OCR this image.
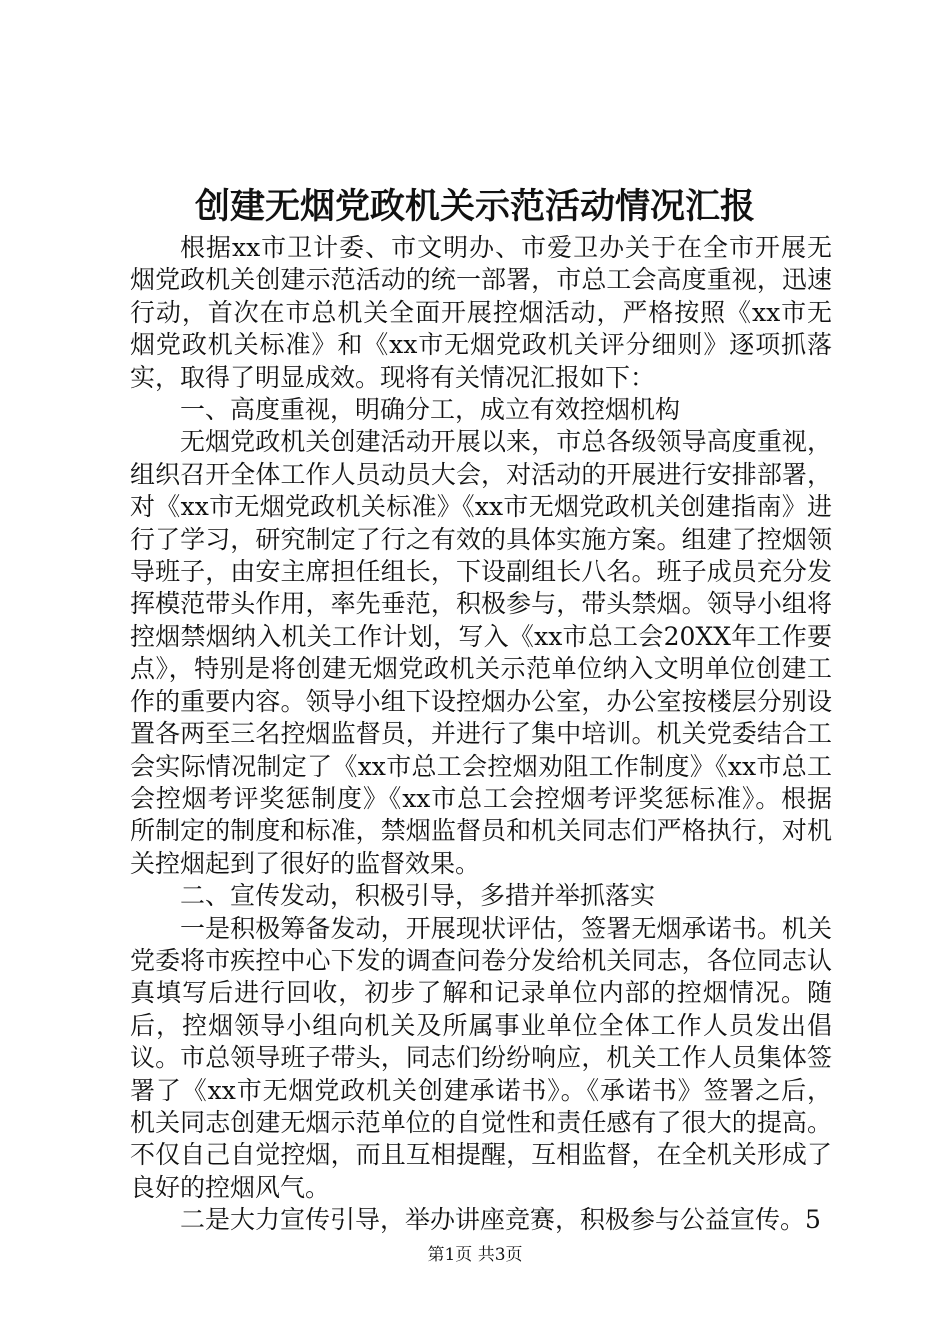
创建无烟党政机关示范活动情况汇报

根据xx市卫计委、市文明办、市爱卫办关于在全市开展无烟党政机关创建示范活动的统一部署，市总工会高度重视，迅速行动，首次在市总机关全面开展控烟活动，严格按照《xx市无烟党政机关标准》和《xx市无烟党政机关评分细则》逐项抓落实，取得了明显成效。现将有关情况汇报如下：

一、高度重视，明确分工，成立有效控烟机构

无烟党政机关创建活动开展以来，市总各级领导高度重视，组织召开全体工作人员动员大会，对活动的开展进行安排部署，对《xx市无烟党政机关标准》《xx市无烟党政机关创建指南》进行了学习，研究制定了行之有效的具体实施方案。组建了控烟领导班子，由安主席担任组长，下设副组长八名。班子成员充分发挥模范带头作用，率先垂范，积极参与，带头禁烟。领导小组将控烟禁烟纳入机关工作计划，写入《xx市总工会20XX年工作要点》，特别是将创建无烟党政机关示范单位纳入文明单位创建工作的重要内容。领导小组下设控烟办公室，办公室按楼层分别设置各两至三名控烟监督员，并进行了集中培训。机关党委结合工会实际情况制定了《xx市总工会控烟劝阻工作制度》《xx市总工会控烟考评奖惩制度》《xx市总工会控烟考评奖惩标准》。根据所制定的制度和标准，禁烟监督员和机关同志们严格执行，对机关控烟起到了很好的监督效果。

二、宣传发动，积极引导，多措并举抓落实

一是积极筹备发动，开展现状评估，签署无烟承诺书。机关党委将市疾控中心下发的调查问卷分发给机关同志，各位同志认真填写后进行回收，初步了解和记录单位内部的控烟情况。随后，控烟领导小组向机关及所属事业单位全体工作人员发出倡议。市总领导班子带头，同志们纷纷响应，机关工作人员集体签署了《xx市无烟党政机关创建承诺书》。《承诺书》签署之后，机关同志创建无烟示范单位的自觉性和责任感有了很大的提高。不仅自己自觉控烟，而且互相提醒，互相监督，在全机关形成了良好的控烟风气。

二是大力宣传引导，举办讲座竞赛，积极参与公益宣传。5

第1页 共3页
